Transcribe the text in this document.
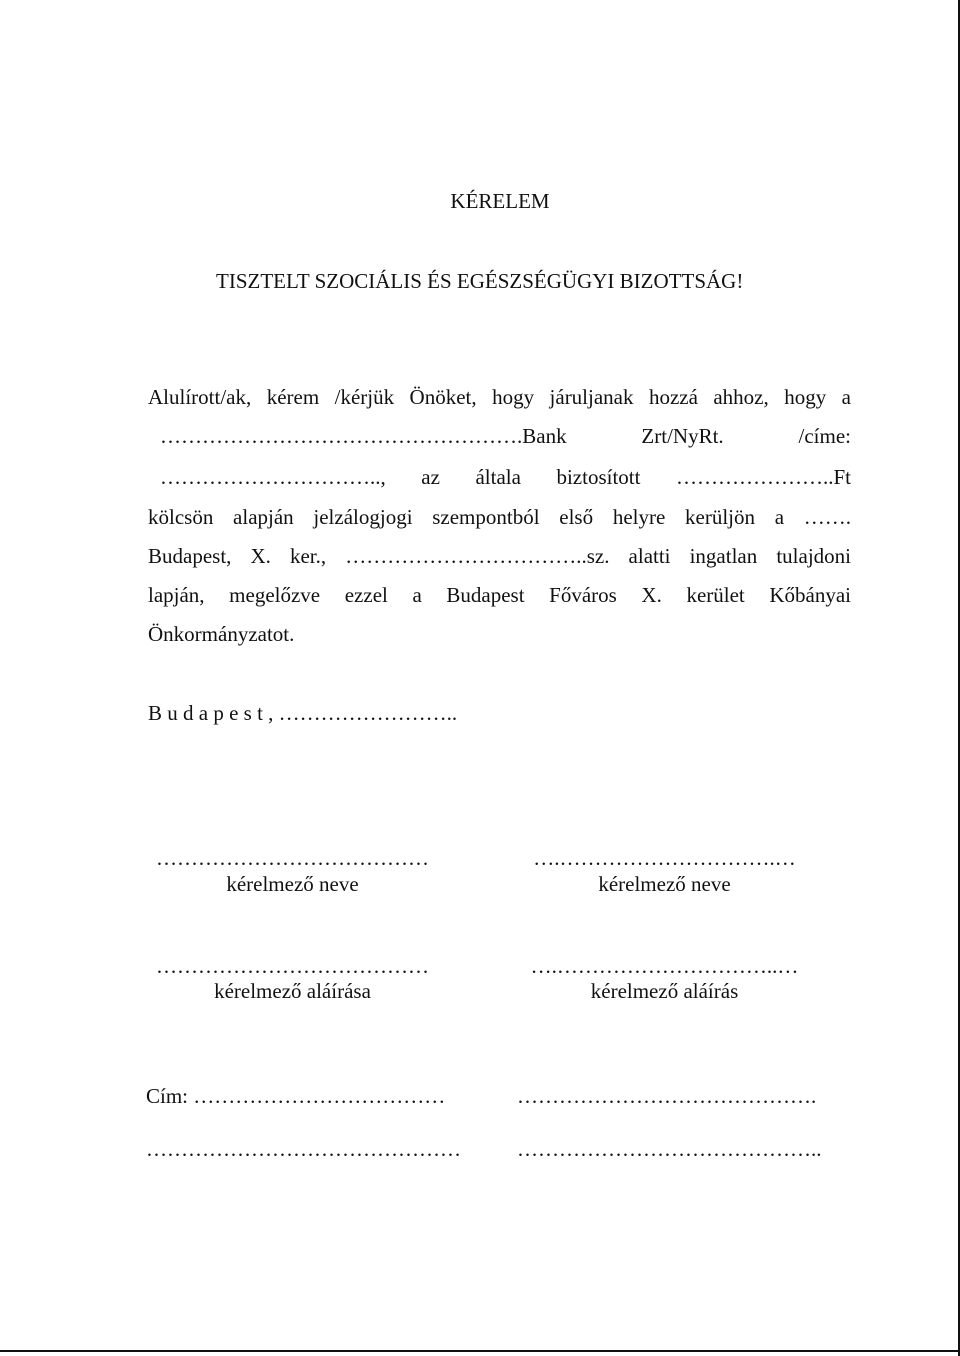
KÉRELEM
TISZTELT SZOCIÁLIS ÉS EGÉSZSÉGÜGYI BIZOTTSÁG!
Alulírott/ak, kérem /kérjük Önöket, hogy járuljanak hozzá ahhoz, hogy a
…………………………………………….Bank Zrt/NyRt. /címe:
………………………….., az általa biztosított …………………..Ft
kölcsön alapján jelzálogjogi szempontból első helyre kerüljön a …….
Budapest, X. ker., ……………………………..sz. alatti ingatlan tulajdoni
lapján, megelőzve ezzel a Budapest Főváros X. kerület Kőbányai
Önkormányzatot.
B u d a p e s t , ……………………..
…………………………………	….………………………….…
kérelmező neve	kérelmező neve
…………………………………	….…………………………..…
kérelmező aláírása	kérelmező aláírás
Cím: ………………………………	…………………………………….
………………………………………	……………………………………..
